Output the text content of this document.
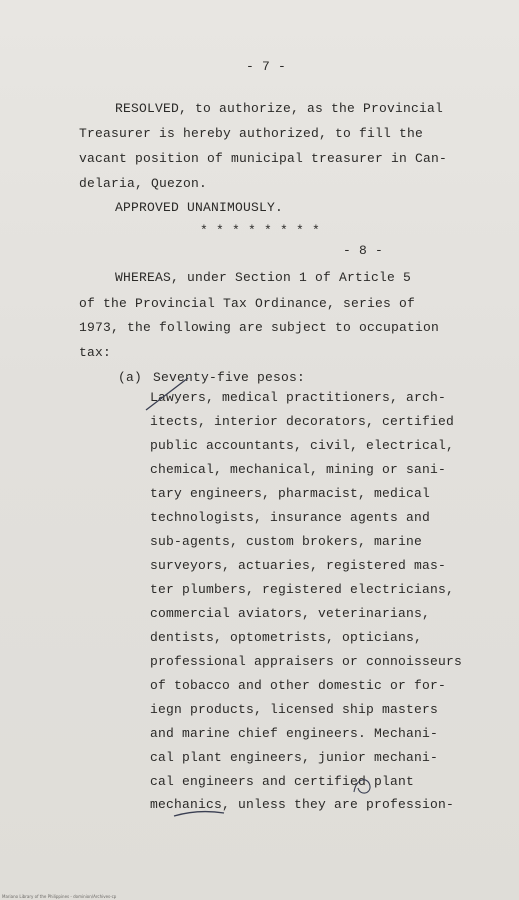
- 7 -
RESOLVED, to authorize, as the Provincial
Treasurer is hereby authorized, to fill the
vacant position of municipal treasurer in Can-
delaria, Quezon.
APPROVED UNANIMOUSLY.
* * * * * * * *
- 8 -
WHEREAS, under Section 1 of Article 5
of the Provincial Tax Ordinance, series of
1973, the following are subject to occupation
tax:
(a) Seventy-five pesos:
Lawyers, medical practitioners, arch-
itects, interior decorators, certified
public accountants, civil, electrical,
chemical, mechanical, mining or sani-
tary engineers, pharmacist, medical
technologists, insurance agents and
sub-agents, custom brokers, marine
surveyors, actuaries, registered mas-
ter plumbers, registered electricians,
commercial aviators, veterinarians,
dentists, optometrists, opticians,
professional appraisers or connoisseurs
of tobacco and other domestic or for-
iegn products, licensed ship masters
and marine chief engineers. Mechani-
cal plant engineers, junior mechani-
cal engineers and certified plant
mechanics, unless they are profession-
Mariano Library of the Philippines - dominion/Archives-cp
